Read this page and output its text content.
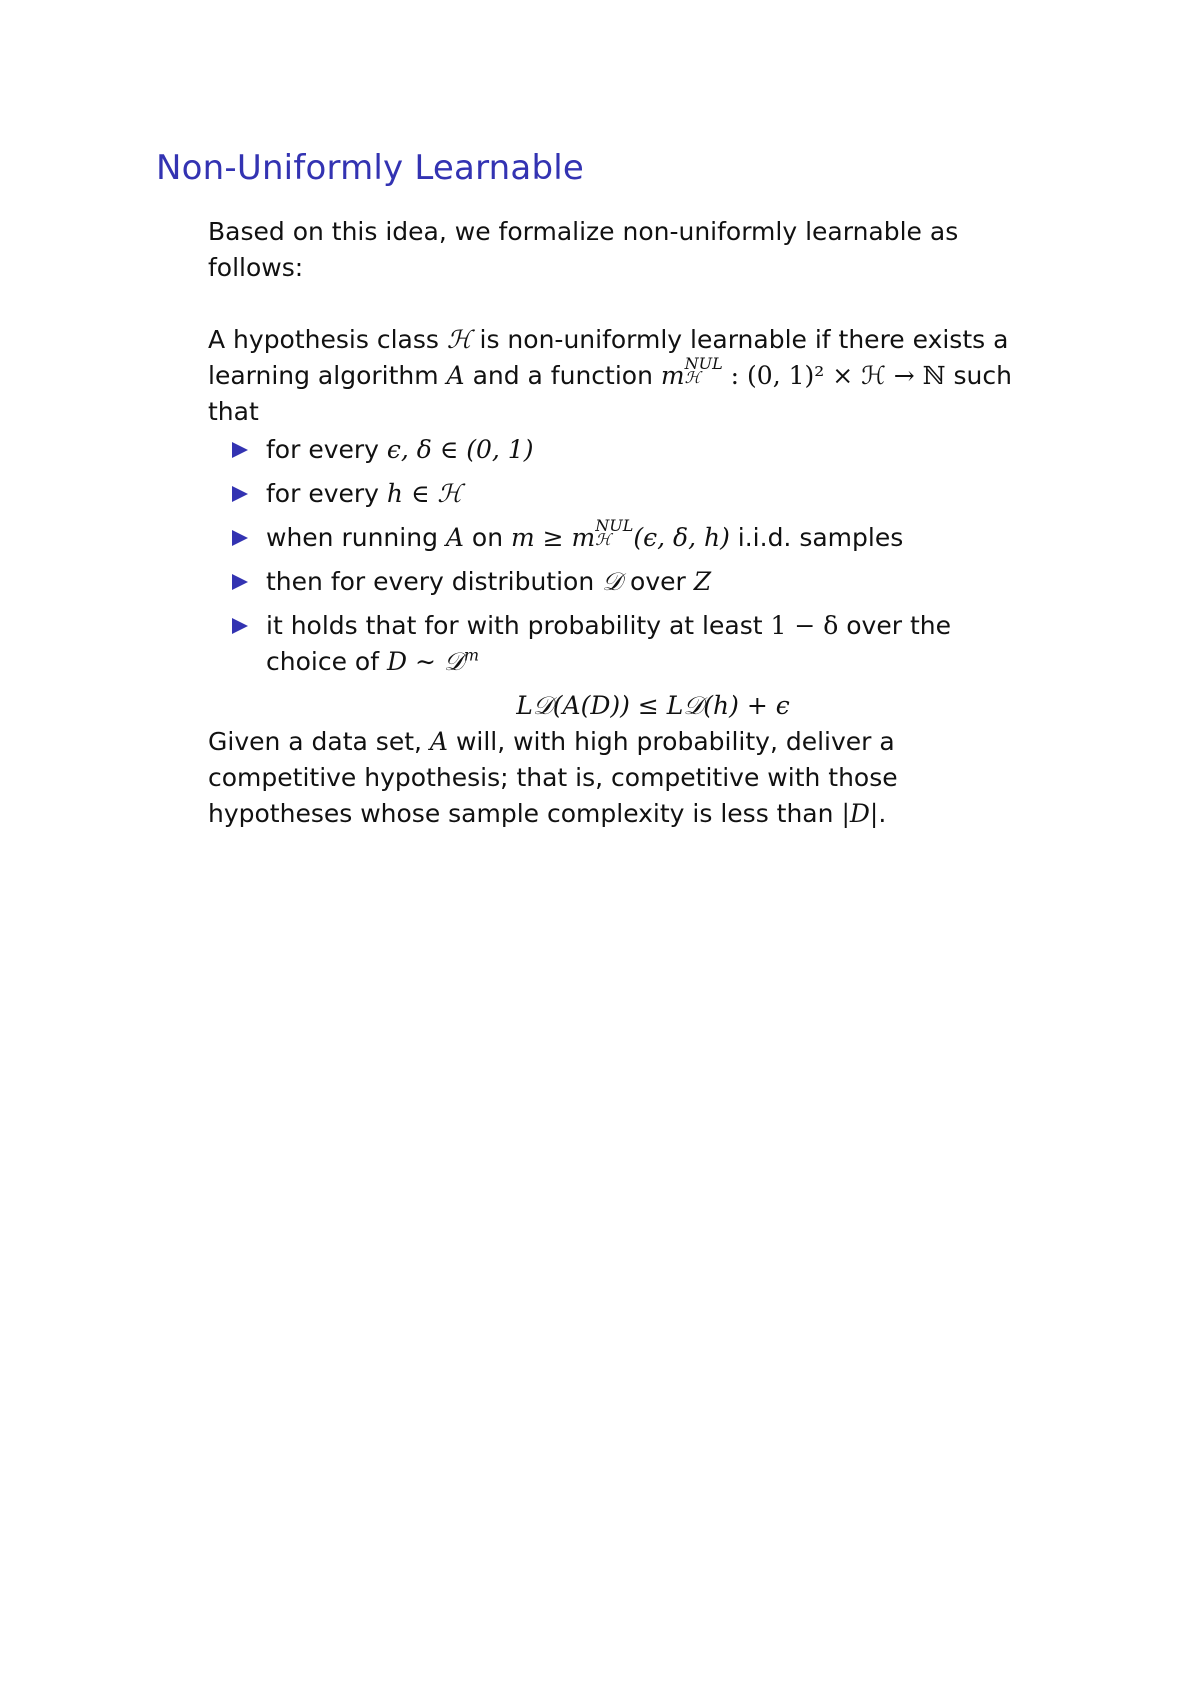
Non-Uniformly Learnable

Based on this idea, we formalize non-uniformly learnable as follows:

A hypothesis class ℋ is non-uniformly learnable if there exists a learning algorithm A and a function m NUL
ℋ	: (0, 1)² × ℋ → ℕ such that

for every ϵ, δ ∈ (0, 1)
for every h ∈ ℋ
when running A on m ≥ m NUL
ℋ (ϵ, δ, h) i.i.d. samples
then for every distribution 𝒟 over Z
it holds that for with probability at least 1 − δ over the choice of D ∼ 𝒟$^m$

L𝒟(A(D)) ≤ L𝒟(h) + ϵ

Given a data set, A will, with high probability, deliver a competitive hypothesis; that is, competitive with those hypotheses whose sample complexity is less than |D|.
